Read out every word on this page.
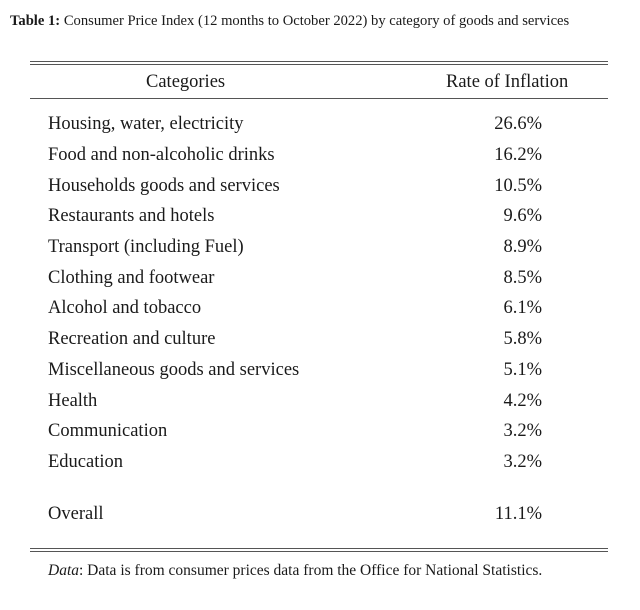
Table 1: Consumer Price Index (12 months to October 2022) by category of goods and services
Categories	Rate of Inflation
Housing, water, electricity	26.6%
Food and non-alcoholic drinks	16.2%
Households goods and services	10.5%
Restaurants and hotels	9.6%
Transport (including Fuel)	8.9%
Clothing and footwear	8.5%
Alcohol and tobacco	6.1%
Recreation and culture	5.8%
Miscellaneous goods and services	5.1%
Health	4.2%
Communication	3.2%
Education	3.2%
Overall	11.1%
Data: Data is from consumer prices data from the Office for National Statistics.
